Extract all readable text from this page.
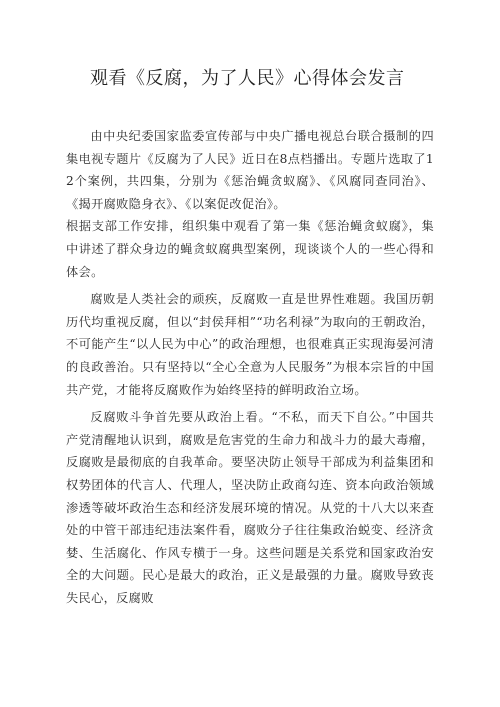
观看《反腐，为了人民》心得体会发言

由中央纪委国家监委宣传部与中央广播电视总台联合摄制的四集电视专题片《反腐为了人民》近日在8点档播出。专题片选取了12个案例，共四集，分别为《惩治蝇贪蚁腐》、《风腐同查同治》、《揭开腐败隐身衣》、《以案促改促治》。

根据支部工作安排，组织集中观看了第一集《惩治蝇贪蚁腐》，集中讲述了群众身边的蝇贪蚁腐典型案例，现谈谈个人的一些心得和体会。

腐败是人类社会的顽疾，反腐败一直是世界性难题。我国历朝历代均重视反腐，但以“封侯拜相”“功名利禄”为取向的王朝政治，不可能产生“以人民为中心”的政治理想，也很难真正实现海晏河清的良政善治。只有坚持以“全心全意为人民服务”为根本宗旨的中国共产党，才能将反腐败作为始终坚持的鲜明政治立场。

反腐败斗争首先要从政治上看。“不私，而天下自公。”中国共产党清醒地认识到，腐败是危害党的生命力和战斗力的最大毒瘤，反腐败是最彻底的自我革命。要坚决防止领导干部成为利益集团和权势团体的代言人、代理人，坚决防止政商勾连、资本向政治领域渗透等破坏政治生态和经济发展环境的情况。从党的十八大以来查处的中管干部违纪违法案件看，腐败分子往往集政治蜕变、经济贪婪、生活腐化、作风专横于一身。这些问题是关系党和国家政治安全的大问题。民心是最大的政治，正义是最强的力量。腐败导致丧失民心，反腐败
